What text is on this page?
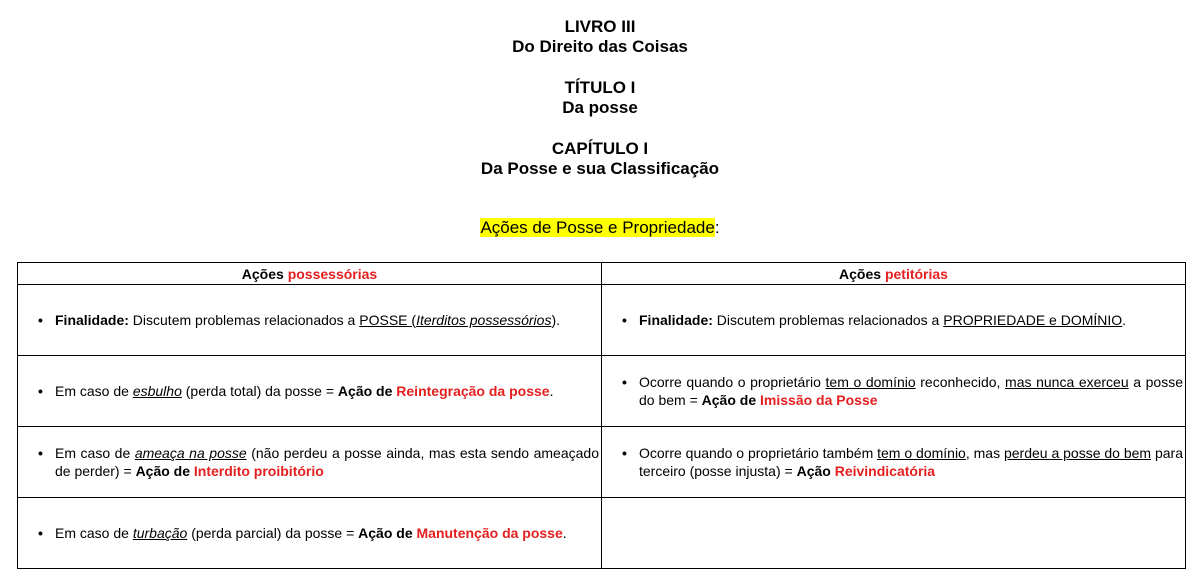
LIVRO III
Do Direito das Coisas
TÍTULO I
Da posse
CAPÍTULO I
Da Posse e sua Classificação
Ações de Posse e Propriedade:
Ações possessórias	Ações petitórias

• Finalidade: Discutem problemas relacionados a POSSE (Iterditos possessórios).	• Finalidade: Discutem problemas relacionados a PROPRIEDADE e DOMÍNIO.

• Em caso de esbulho (perda total) da posse = Ação de Reintegração da posse.	• Ocorre quando o proprietário tem o domínio reconhecido, mas nunca exerceu a posse do bem = Ação de Imissão da Posse

• Em caso de ameaça na posse (não perdeu a posse ainda, mas esta sendo ameaçado de perder) = Ação de Interdito proibitório	• Ocorre quando o proprietário também tem o domínio, mas perdeu a posse do bem para terceiro (posse injusta) = Ação Reivindicatória

• Em caso de turbação (perda parcial) da posse = Ação de Manutenção da posse.	
